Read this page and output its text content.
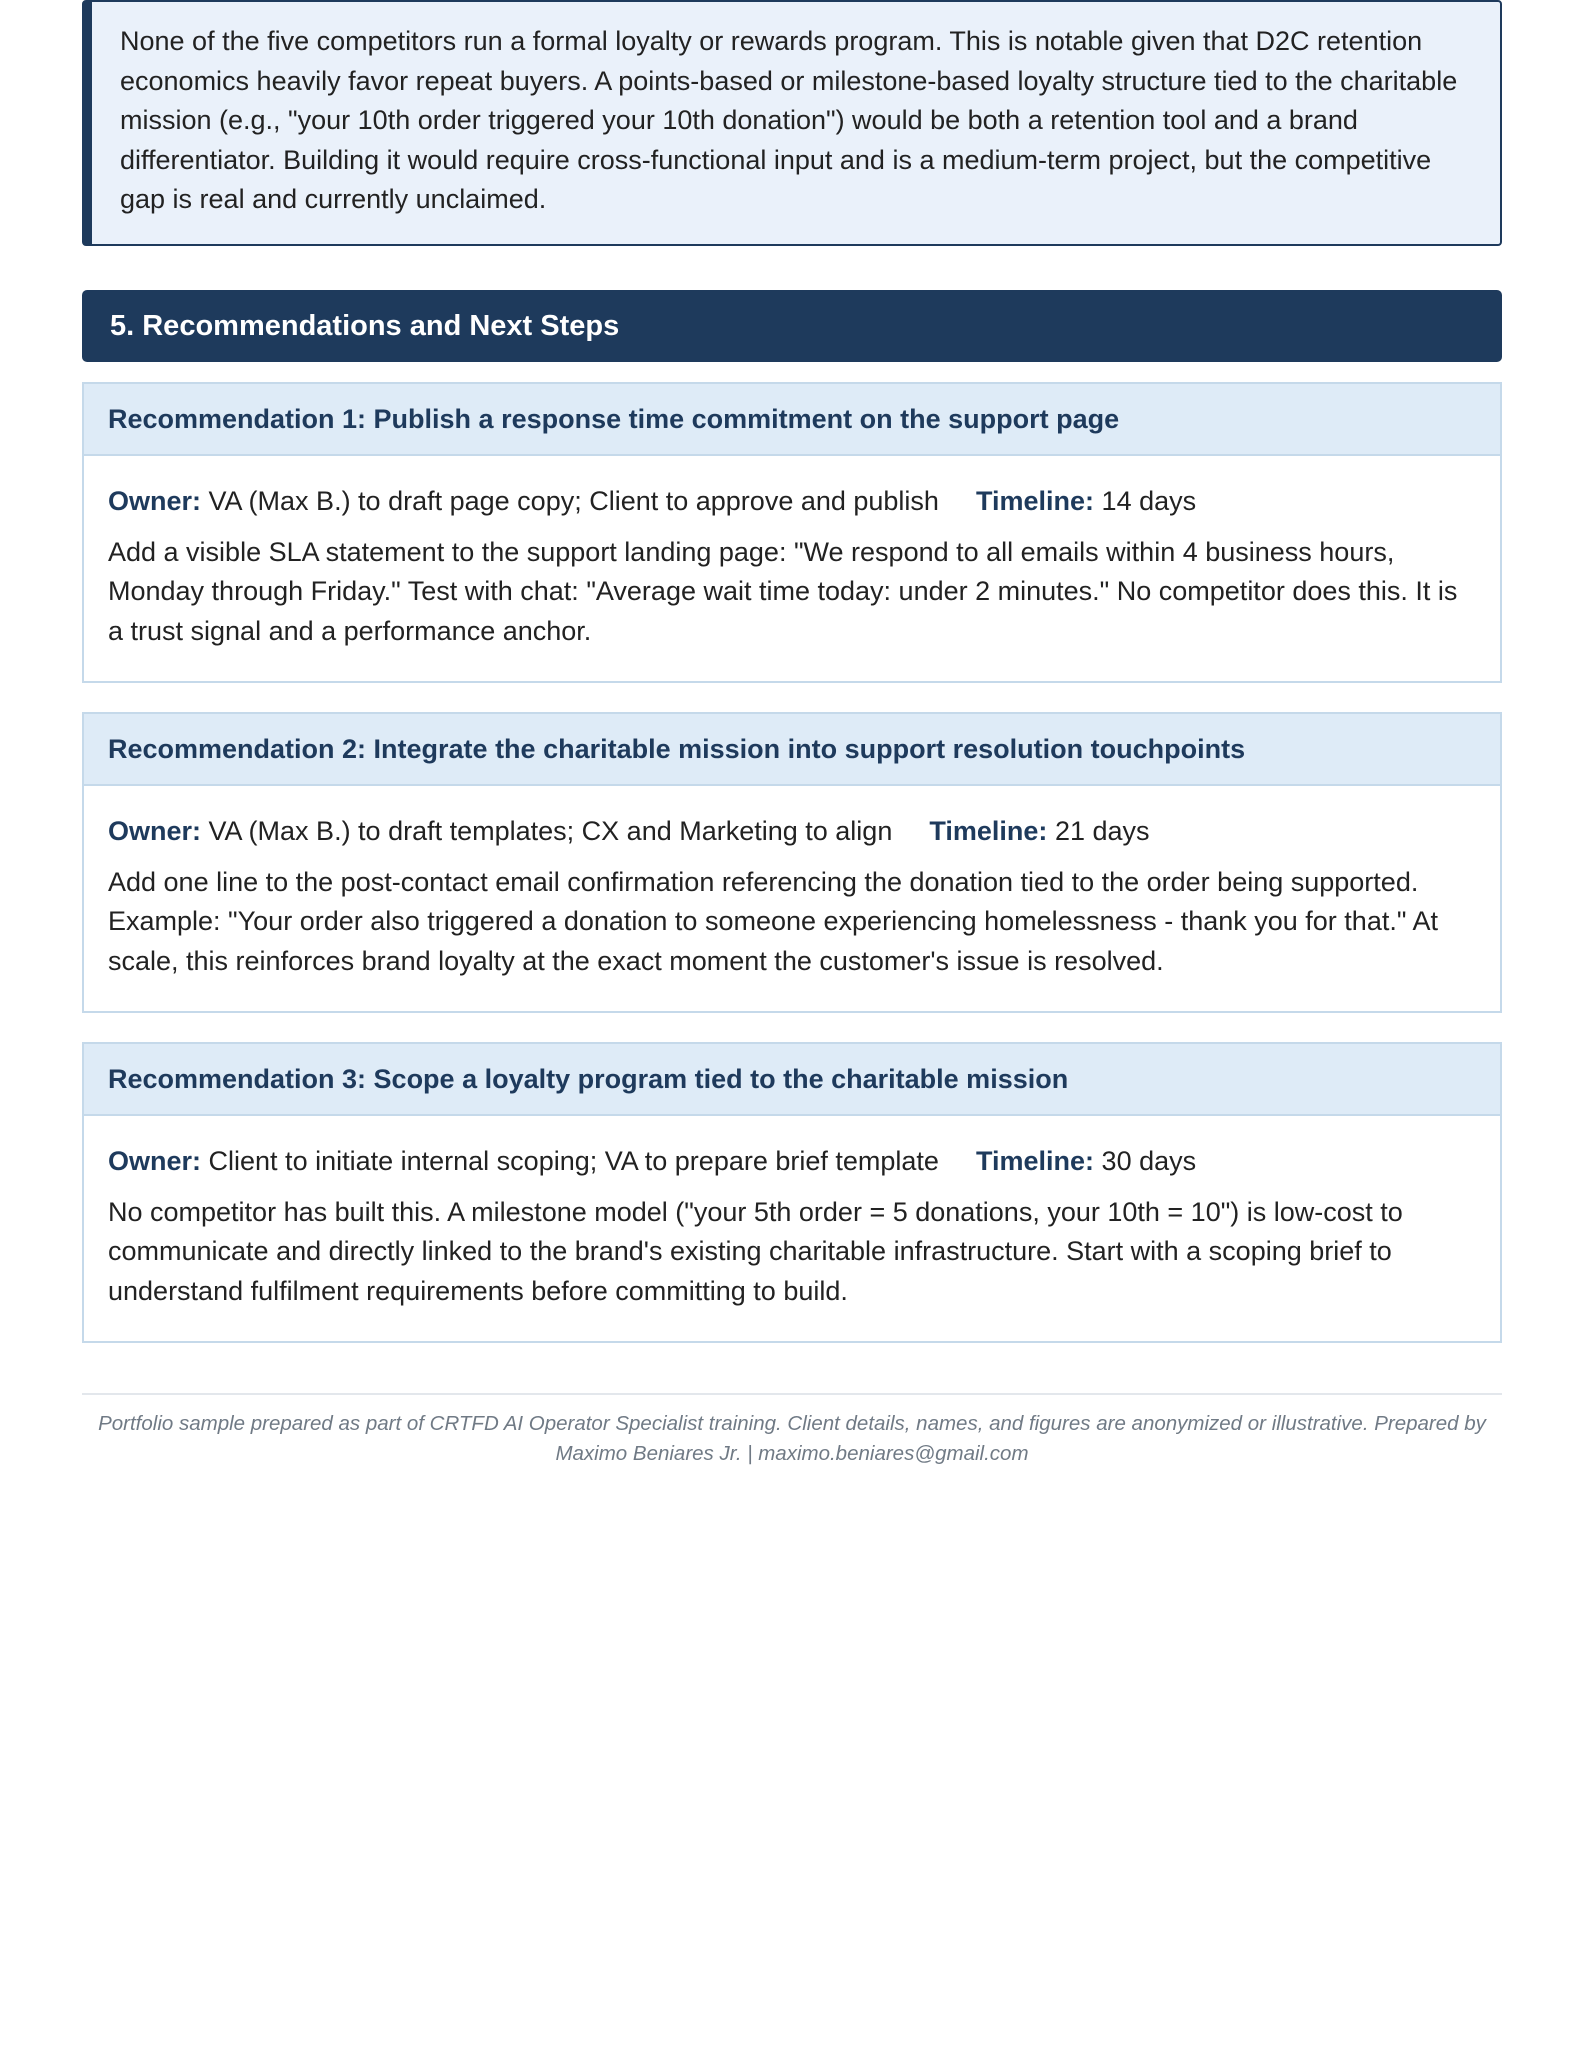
None of the five competitors run a formal loyalty or rewards program. This is notable given that D2C retention economics heavily favor repeat buyers. A points-based or milestone-based loyalty structure tied to the charitable mission (e.g., "your 10th order triggered your 10th donation") would be both a retention tool and a brand differentiator. Building it would require cross-functional input and is a medium-term project, but the competitive gap is real and currently unclaimed.

5. Recommendations and Next Steps
Recommendation 1: Publish a response time commitment on the support page

Owner: VA (Max B.) to draft page copy; Client to approve and publish Timeline: 14 days

Add a visible SLA statement to the support landing page: "We respond to all emails within 4 business hours, Monday through Friday." Test with chat: "Average wait time today: under 2 minutes." No competitor does this. It is a trust signal and a performance anchor.

Recommendation 2: Integrate the charitable mission into support resolution touchpoints

Owner: VA (Max B.) to draft templates; CX and Marketing to align Timeline: 21 days

Add one line to the post-contact email confirmation referencing the donation tied to the order being supported. Example: "Your order also triggered a donation to someone experiencing homelessness - thank you for that." At scale, this reinforces brand loyalty at the exact moment the customer's issue is resolved.

Recommendation 3: Scope a loyalty program tied to the charitable mission

Owner: Client to initiate internal scoping; VA to prepare brief template Timeline: 30 days

No competitor has built this. A milestone model ("your 5th order = 5 donations, your 10th = 10") is low-cost to communicate and directly linked to the brand's existing charitable infrastructure. Start with a scoping brief to understand fulfilment requirements before committing to build.

Portfolio sample prepared as part of CRTFD AI Operator Specialist training. Client details, names, and figures are anonymized or illustrative. Prepared by Maximo Beniares Jr. | maximo.beniares@gmail.com
